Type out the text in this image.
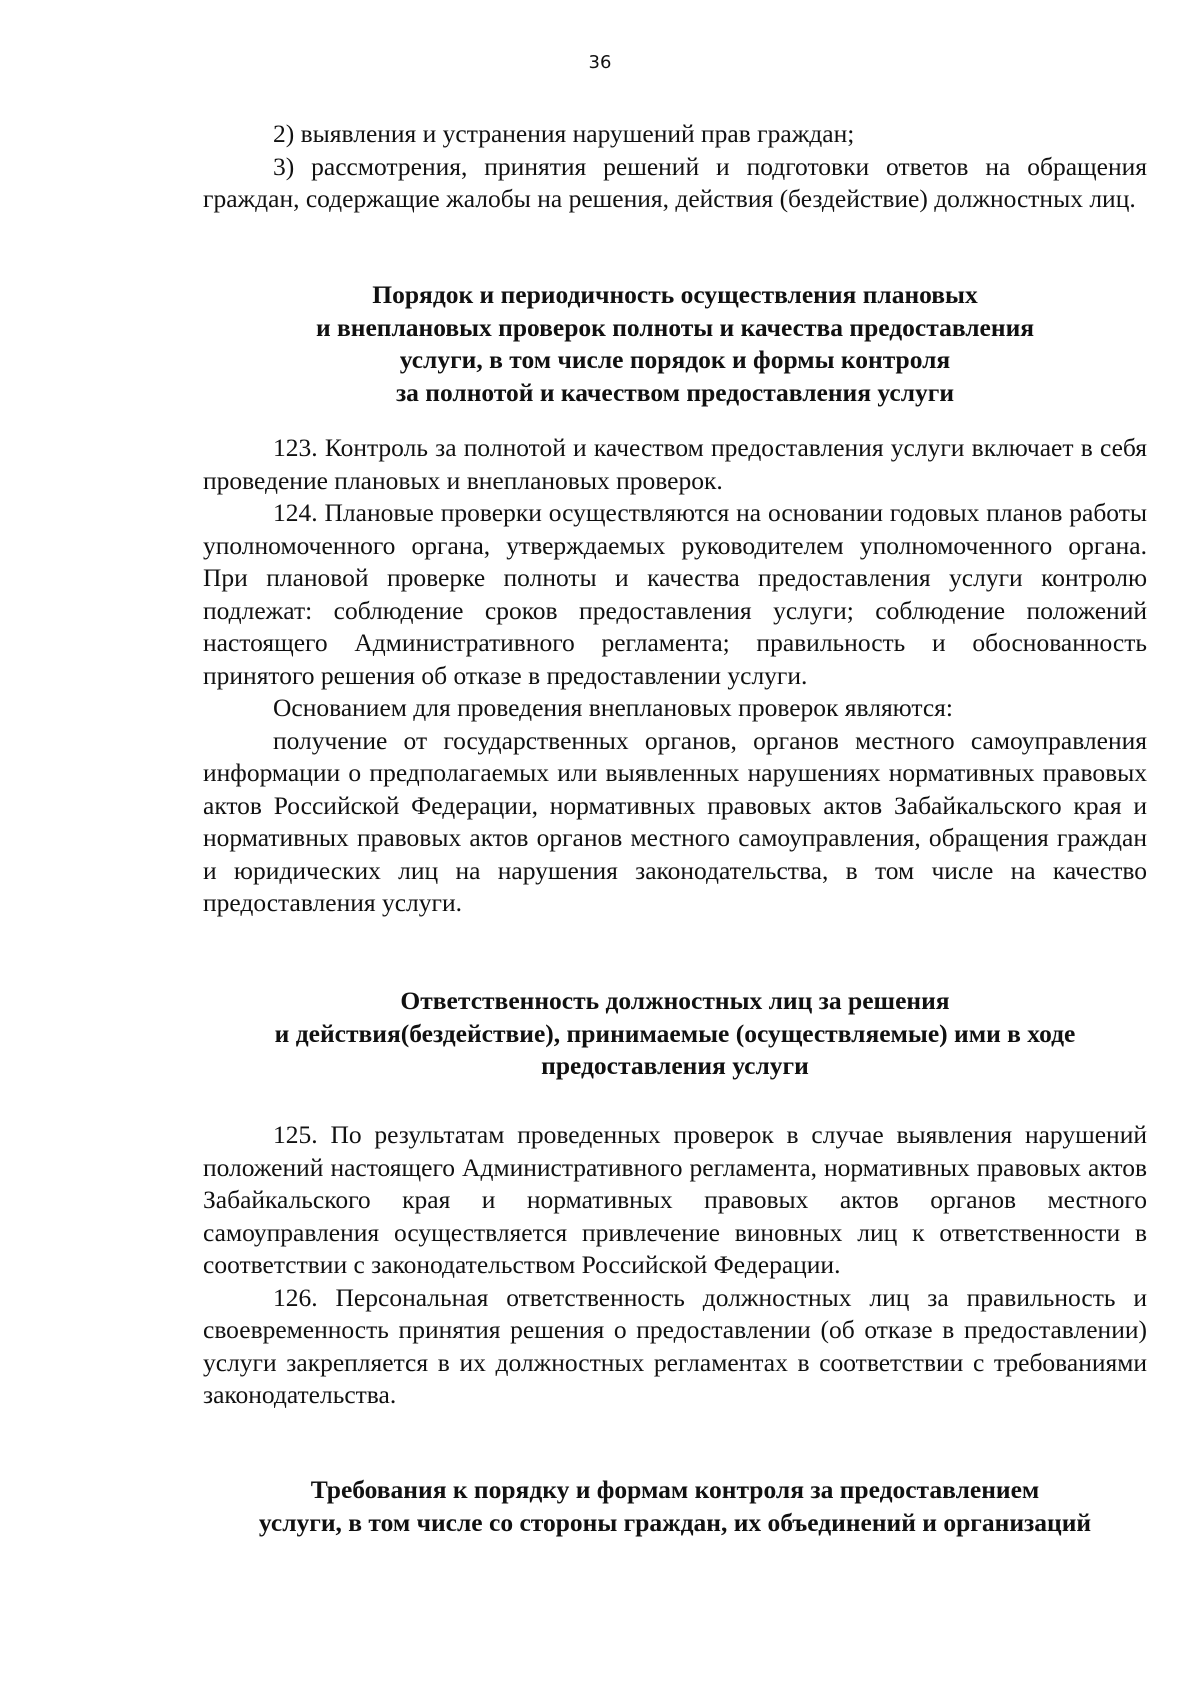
36

2) выявления и устранения нарушений прав граждан;

3) рассмотрения, принятия решений и подготовки ответов на обращения граждан, содержащие жалобы на решения, действия (бездействие) должностных лиц.

Порядок и периодичность осуществления плановых
и внеплановых проверок полноты и качества предоставления
услуги, в том числе порядок и формы контроля
за полнотой и качеством предоставления услуги

123. Контроль за полнотой и качеством предоставления услуги включает в себя проведение плановых и внеплановых проверок.

124. Плановые проверки осуществляются на основании годовых планов работы уполномоченного органа, утверждаемых руководителем уполномоченного органа. При плановой проверке полноты и качества предоставления услуги контролю подлежат: соблюдение сроков предоставления услуги; соблюдение положений настоящего Административного регламента; правильность и обоснованность принятого решения об отказе в предоставлении услуги.

Основанием для проведения внеплановых проверок являются:

получение от государственных органов, органов местного самоуправления информации о предполагаемых или выявленных нарушениях нормативных правовых актов Российской Федерации, нормативных правовых актов Забайкальского края и нормативных правовых актов органов местного самоуправления, обращения граждан и юридических лиц на нарушения законодательства, в том числе на качество предоставления услуги.

Ответственность должностных лиц за решения
и действия(бездействие), принимаемые (осуществляемые) ими в ходе
предоставления услуги

125. По результатам проведенных проверок в случае выявления нарушений положений настоящего Административного регламента, нормативных правовых актов Забайкальского края и нормативных правовых актов органов местного самоуправления осуществляется привлечение виновных лиц к ответственности в соответствии с законодательством Российской Федерации.

126. Персональная ответственность должностных лиц за правильность и своевременность принятия решения о предоставлении (об отказе в предоставлении) услуги закрепляется в их должностных регламентах в соответствии с требованиями законодательства.

Требования к порядку и формам контроля за предоставлением
услуги, в том числе со стороны граждан, их объединений и организаций
